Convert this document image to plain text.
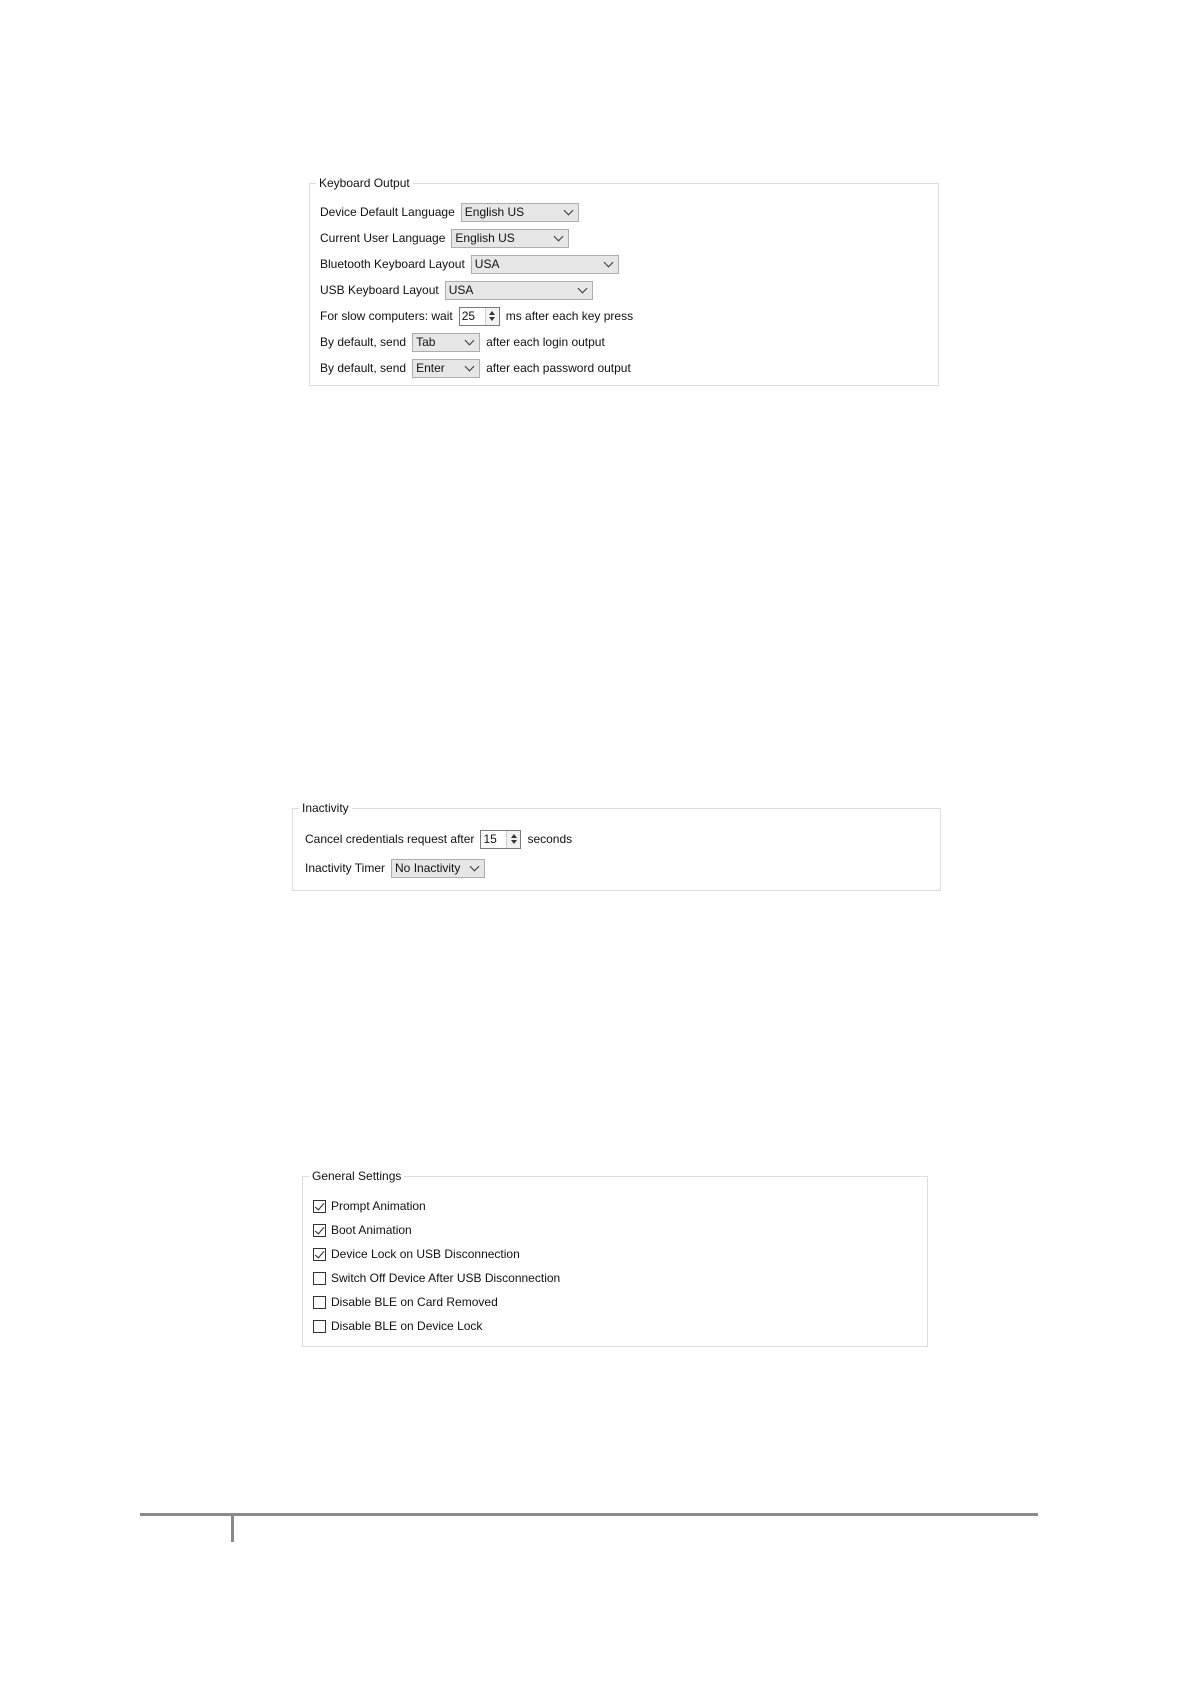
Keyboard Output
Device Default Language English US
Current User Language English US
Bluetooth Keyboard Layout USA
USB Keyboard Layout USA
For slow computers: wait 25	ms after each key press
By default, send Tab	after each login output
By default, send Enter	after each password output
Inactivity
Cancel credentials request after 15	seconds
Inactivity Timer No Inactivity
General Settings
Prompt Animation
Boot Animation
Device Lock on USB Disconnection
Switch Off Device After USB Disconnection
Disable BLE on Card Removed
Disable BLE on Device Lock
